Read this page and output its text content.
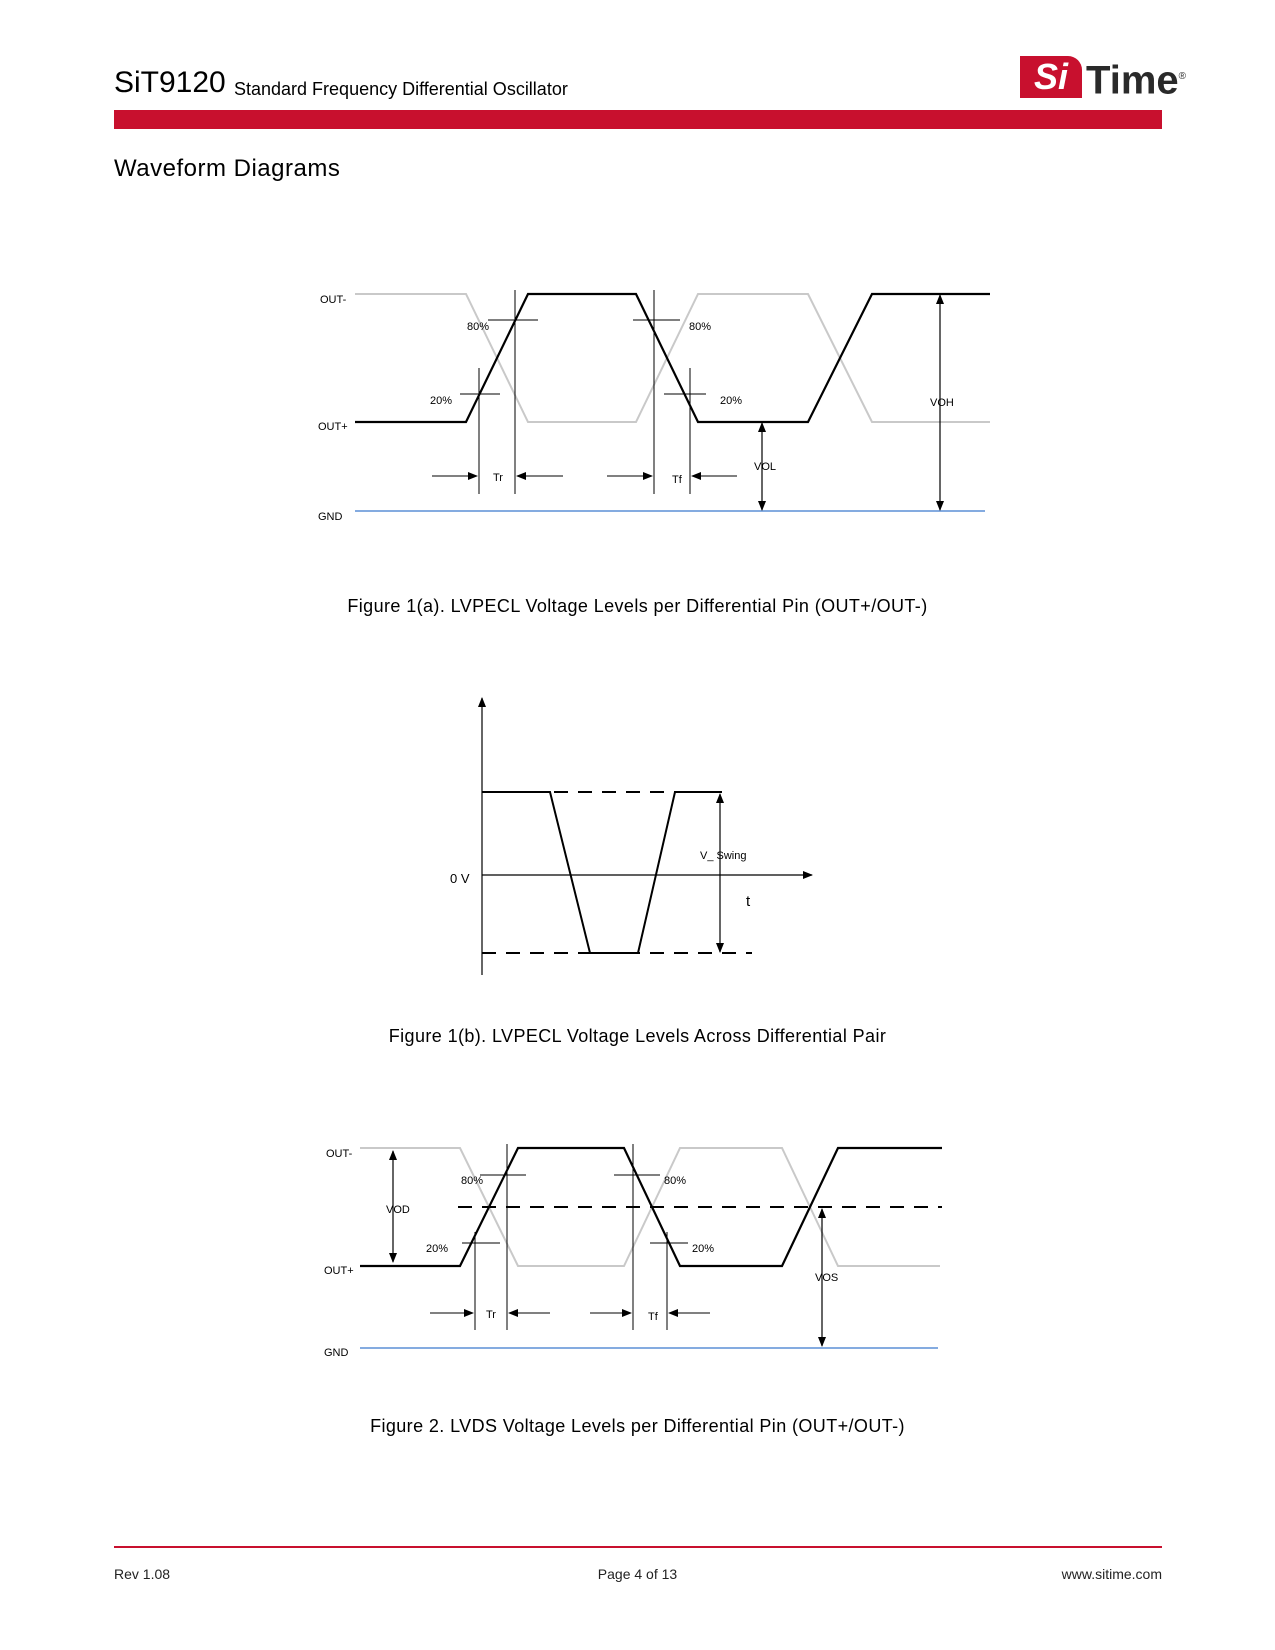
SiT9120 Standard Frequency Differential Oscillator	Si Time®
Waveform Diagrams
OUT-
OUT+
GND
80%	80%
20%	20%
Tr	Tf
VOL
VOH
Figure 1(a). LVPECL Voltage Levels per Differential Pin (OUT+/OUT-)
0 V
V_ Swing
t
Figure 1(b). LVPECL Voltage Levels Across Differential Pair
OUT-
OUT+
GND
80%	80%
20%	20%
Tr	Tf
VOD
VOS
Figure 2. LVDS Voltage Levels per Differential Pin (OUT+/OUT-)
Rev 1.08	Page 4 of 13	www.sitime.com
